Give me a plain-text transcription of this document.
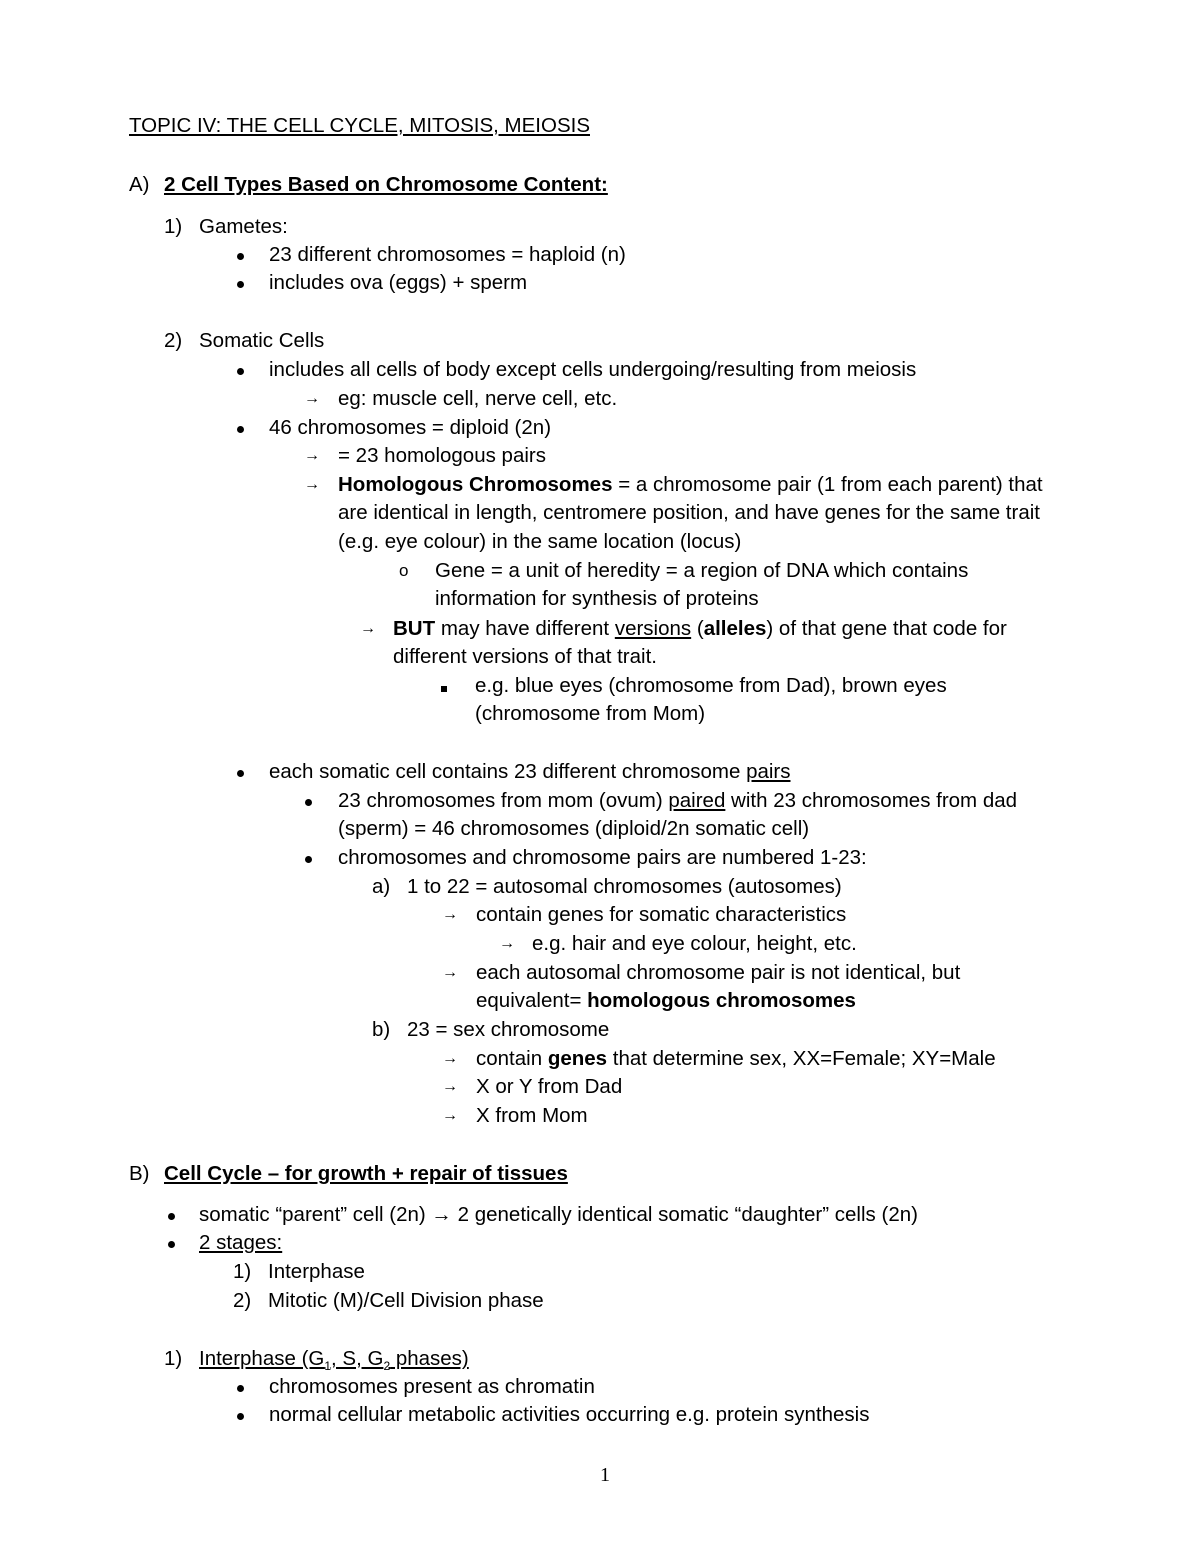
TOPIC IV: THE CELL CYCLE, MITOSIS, MEIOSIS
A) 2 Cell Types Based on Chromosome Content:
1) Gametes:
23 different chromosomes = haploid (n)
includes ova (eggs) + sperm
2) Somatic Cells
includes all cells of body except cells undergoing/resulting from meiosis
→ eg: muscle cell, nerve cell, etc.
46 chromosomes = diploid (2n)
→ = 23 homologous pairs
→ Homologous Chromosomes = a chromosome pair (1 from each parent) that
are identical in length, centromere position, and have genes for the same trait
(e.g. eye colour) in the same location (locus)
o Gene = a unit of heredity = a region of DNA which contains
information for synthesis of proteins
→ BUT may have different versions (alleles) of that gene that code for
different versions of that trait.
e.g. blue eyes (chromosome from Dad), brown eyes
(chromosome from Mom)
each somatic cell contains 23 different chromosome pairs
23 chromosomes from mom (ovum) paired with 23 chromosomes from dad
(sperm) = 46 chromosomes (diploid/2n somatic cell)
chromosomes and chromosome pairs are numbered 1-23:
a) 1 to 22 = autosomal chromosomes (autosomes)
→ contain genes for somatic characteristics
→ e.g. hair and eye colour, height, etc.
→ each autosomal chromosome pair is not identical, but
equivalent= homologous chromosomes
b) 23 = sex chromosome
→ contain genes that determine sex, XX=Female; XY=Male
→ X or Y from Dad
→ X from Mom
B) Cell Cycle – for growth + repair of tissues
somatic “parent” cell (2n) → 2 genetically identical somatic “daughter” cells (2n)
2 stages:
1) Interphase
2) Mitotic (M)/Cell Division phase
1) Interphase ($G_1$, S, $G_2$ phases)
chromosomes present as chromatin
normal cellular metabolic activities occurring e.g. protein synthesis
1
